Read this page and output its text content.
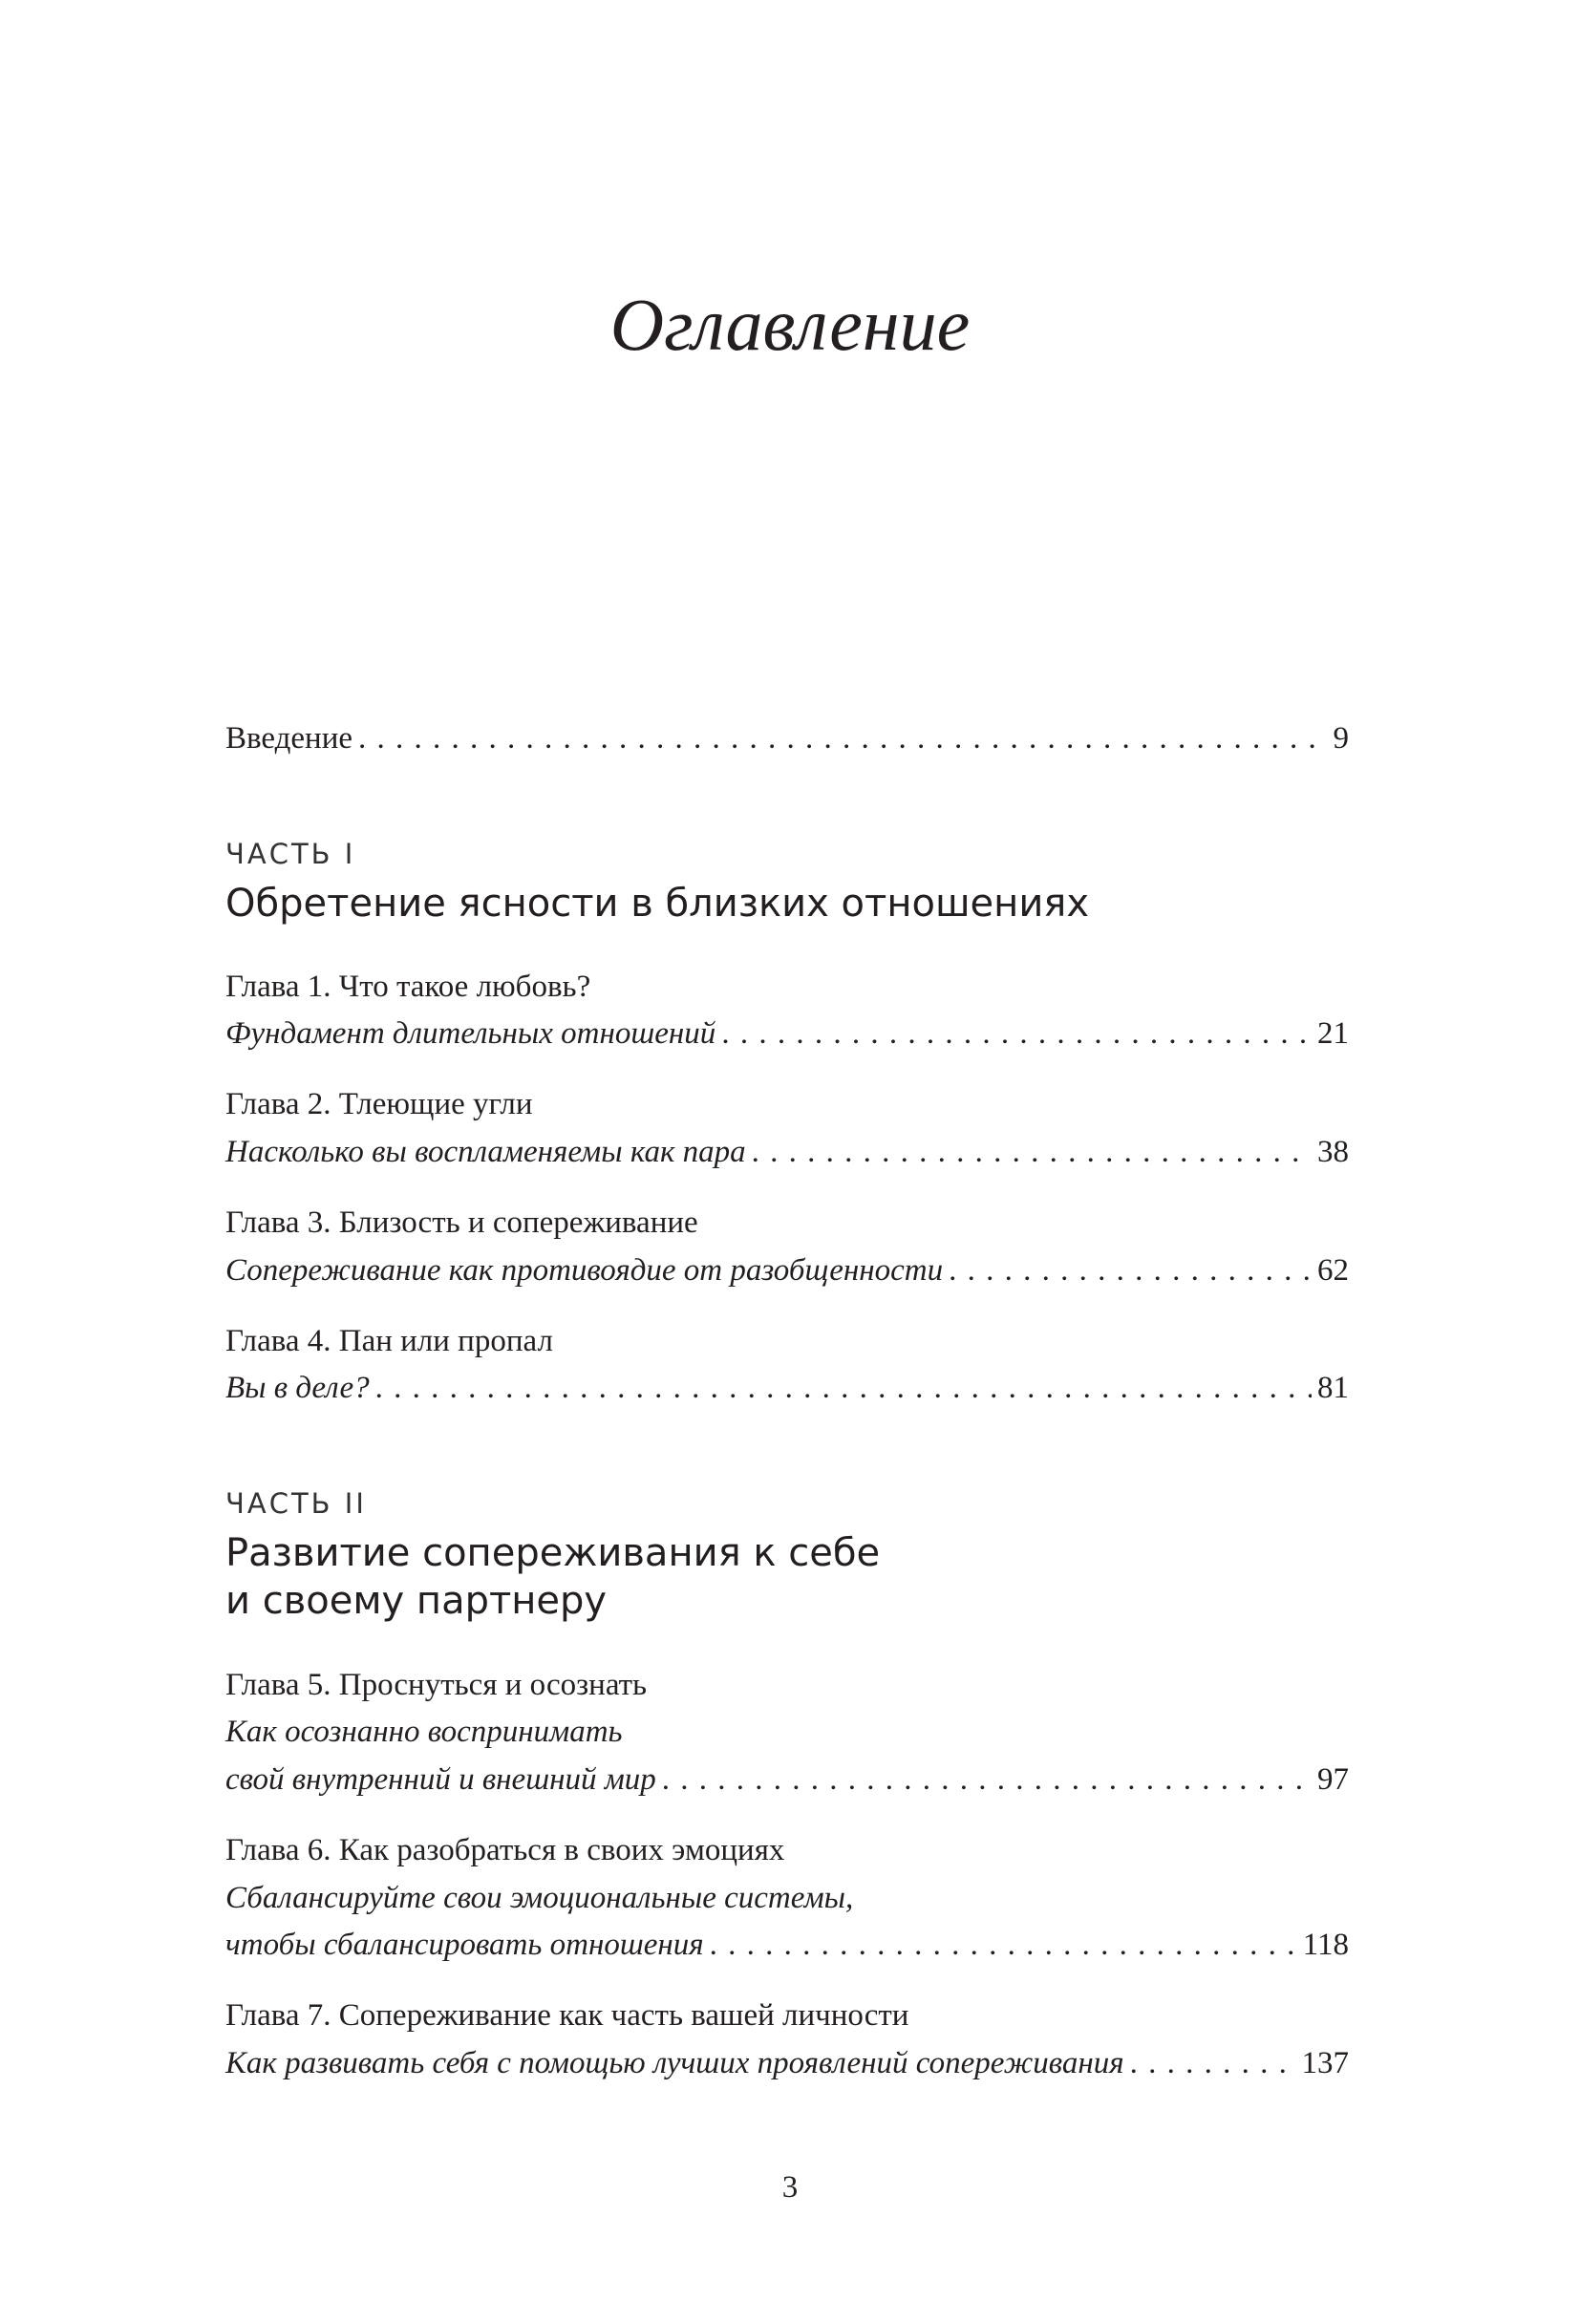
Оглавление
Введение . . .	9
ЧАСТЬ I
Обретение ясности в близких отношениях
Глава 1. Что такое любовь?
Фундамент длительных отношений . . .	21
Глава 2. Тлеющие угли
Насколько вы воспламеняемы как пара . . .	38
Глава 3. Близость и сопереживание
Сопереживание как противоядие от разобщенности . . .	62
Глава 4. Пан или пропал
Вы в деле? . . .	81
ЧАСТЬ II
Развитие сопереживания к себе
и своему партнеру
Глава 5. Проснуться и осознать
Как осознанно воспринимать
свой внутренний и внешний мир . . .	97
Глава 6. Как разобраться в своих эмоциях
Сбалансируйте свои эмоциональные системы,
чтобы сбалансировать отношения . . .	118
Глава 7. Сопереживание как часть вашей личности
Как развивать себя с помощью лучших проявлений сопереживания . . .	137
3
